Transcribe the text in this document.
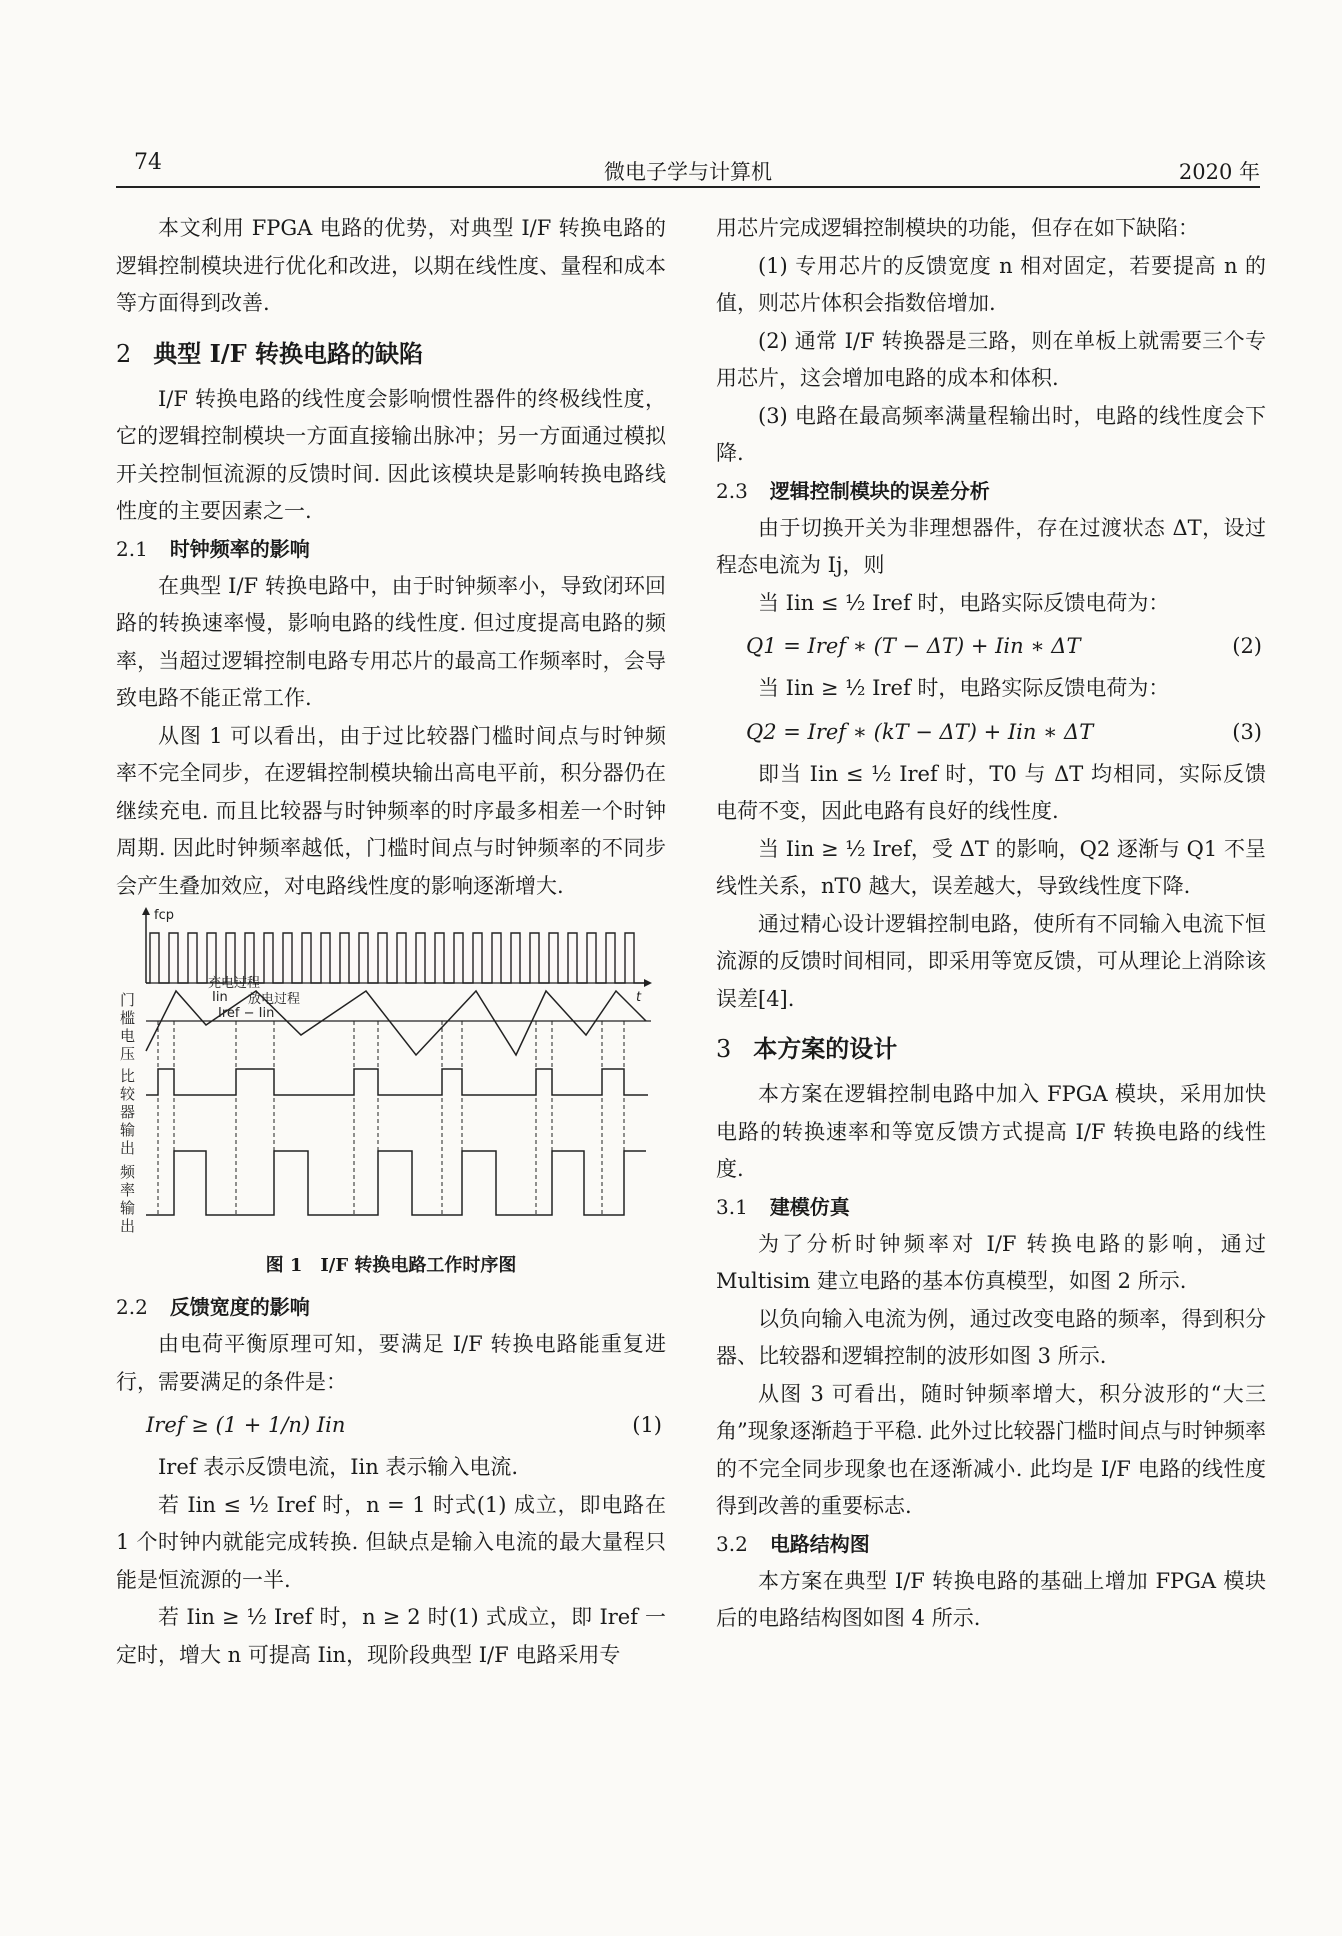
74	微电子学与计算机	2020 年

本文利用 FPGA 电路的优势，对典型 I/F 转换电路的逻辑控制模块进行优化和改进，以期在线性度、量程和成本等方面得到改善.

2 典型 I/F 转换电路的缺陷

I/F 转换电路的线性度会影响惯性器件的终极线性度，它的逻辑控制模块一方面直接输出脉冲；另一方面通过模拟开关控制恒流源的反馈时间. 因此该模块是影响转换电路线性度的主要因素之一.

2.1 时钟频率的影响

在典型 I/F 转换电路中，由于时钟频率小，导致闭环回路的转换速率慢，影响电路的线性度. 但过度提高电路的频率，当超过逻辑控制电路专用芯片的最高工作频率时，会导致电路不能正常工作.

从图 1 可以看出，由于过比较器门槛时间点与时钟频率不完全同步，在逻辑控制模块输出高电平前，积分器仍在继续充电. 而且比较器与时钟频率的时序最多相差一个时钟周期. 因此时钟频率越低，门槛时间点与时钟频率的不同步会产生叠加效应，对电路线性度的影响逐渐增大.

fcp
t
充电过程
放电过程
Iin
Iref − Iin
门槛电压
比较器输出
频率输出
图 1　I/F 转换电路工作时序图
2.2 反馈宽度的影响

由电荷平衡原理可知，要满足 I/F 转换电路能重复进行，需要满足的条件是：

Iref ≥ (1 + 1/n) Iin	(1)

Iref 表示反馈电流，Iin 表示输入电流.

若 Iin ≤ ½ Iref 时，n = 1 时式(1) 成立，即电路在 1 个时钟内就能完成转换. 但缺点是输入电流的最大量程只能是恒流源的一半.

若 Iin ≥ ½ Iref 时，n ≥ 2 时(1) 式成立，即 Iref 一定时，增大 n 可提高 Iin，现阶段典型 I/F 电路采用专

用芯片完成逻辑控制模块的功能，但存在如下缺陷：

(1) 专用芯片的反馈宽度 n 相对固定，若要提高 n 的值，则芯片体积会指数倍增加.

(2) 通常 I/F 转换器是三路，则在单板上就需要三个专用芯片，这会增加电路的成本和体积.

(3) 电路在最高频率满量程输出时，电路的线性度会下降.

2.3 逻辑控制模块的误差分析

由于切换开关为非理想器件，存在过渡状态 ΔT，设过程态电流为 Ij，则

当 Iin ≤ ½ Iref 时，电路实际反馈电荷为：

Q1 = Iref ∗ (T − ΔT) + Iin ∗ ΔT	(2)

当 Iin ≥ ½ Iref 时，电路实际反馈电荷为：

Q2 = Iref ∗ (kT − ΔT) + Iin ∗ ΔT	(3)

即当 Iin ≤ ½ Iref 时，T0 与 ΔT 均相同，实际反馈电荷不变，因此电路有良好的线性度.

当 Iin ≥ ½ Iref，受 ΔT 的影响，Q2 逐渐与 Q1 不呈线性关系，nT0 越大，误差越大，导致线性度下降.

通过精心设计逻辑控制电路，使所有不同输入电流下恒流源的反馈时间相同，即采用等宽反馈，可从理论上消除该误差[4].

3 本方案的设计

本方案在逻辑控制电路中加入 FPGA 模块，采用加快电路的转换速率和等宽反馈方式提高 I/F 转换电路的线性度.

3.1 建模仿真

为了分析时钟频率对 I/F 转换电路的影响，通过 Multisim 建立电路的基本仿真模型，如图 2 所示.

以负向输入电流为例，通过改变电路的频率，得到积分器、比较器和逻辑控制的波形如图 3 所示.

从图 3 可看出，随时钟频率增大，积分波形的“大三角”现象逐渐趋于平稳. 此外过比较器门槛时间点与时钟频率的不完全同步现象也在逐渐减小. 此均是 I/F 电路的线性度得到改善的重要标志.

3.2 电路结构图

本方案在典型 I/F 转换电路的基础上增加 FPGA 模块后的电路结构图如图 4 所示.
